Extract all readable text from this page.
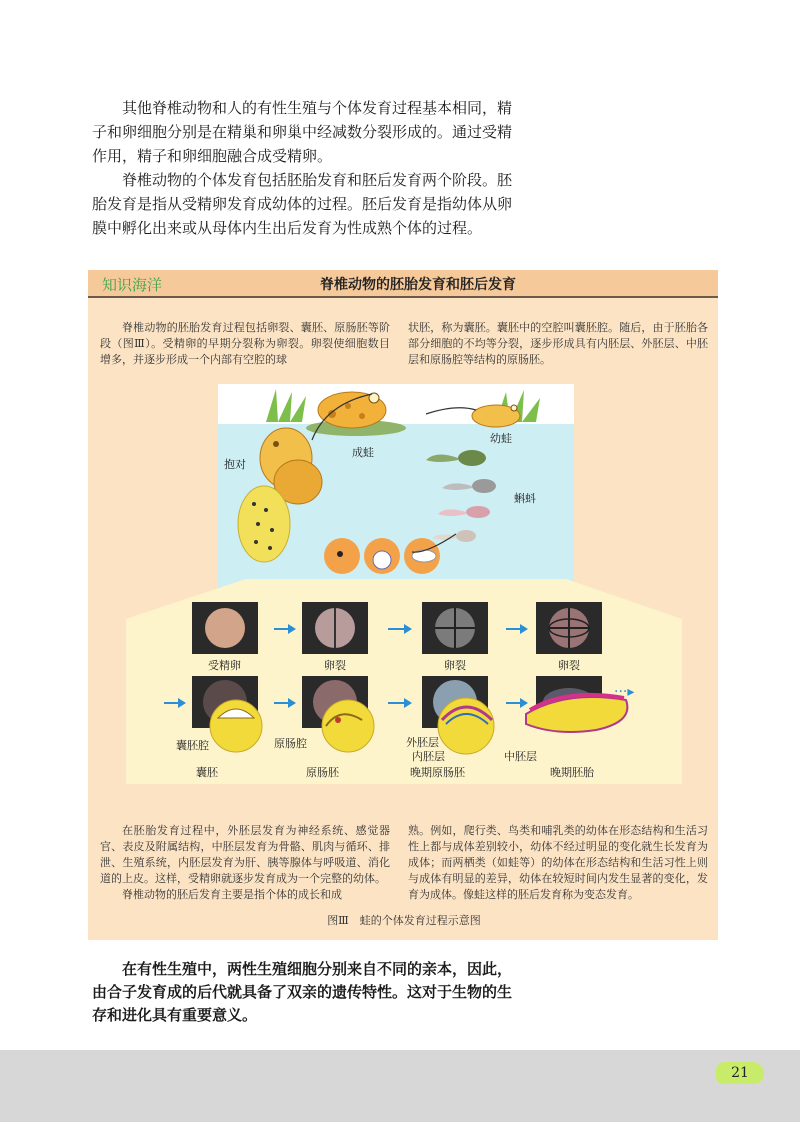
其他脊椎动物和人的有性生殖与个体发育过程基本相同，精子和卵细胞分别是在精巢和卵巢中经减数分裂形成的。通过受精作用，精子和卵细胞融合成受精卵。

脊椎动物的个体发育包括胚胎发育和胚后发育两个阶段。胚胎发育是指从受精卵发育成幼体的过程。胚后发育是指幼体从卵膜中孵化出来或从母体内生出后发育为性成熟个体的过程。

知识海洋	脊椎动物的胚胎发育和胚后发育
脊椎动物的胚胎发育过程包括卵裂、囊胚、原肠胚等阶段（图Ⅲ）。受精卵的早期分裂称为卵裂。卵裂使细胞数目增多，并逐步形成一个内部有空腔的球
状胚，称为囊胚。囊胚中的空腔叫囊胚腔。随后，由于胚胎各部分细胞的不均等分裂，逐步形成具有内胚层、外胚层、中胚层和原肠腔等结构的原肠胚。
成蛙
幼蛙
抱对
蝌蚪
受精卵	卵裂	卵裂	卵裂
···▸
囊胚腔	原肠腔	外胚层
内胚层	中胚层
囊胚	原肠胚	晚期原肠胚	晚期胚胎
图Ⅲ　蛙的个体发育过程示意图

在胚胎发育过程中，外胚层发育为神经系统、感觉器官、表皮及附属结构，中胚层发育为骨骼、肌肉与循环、排泄、生殖系统，内胚层发育为肝、胰等腺体与呼吸道、消化道的上皮。这样，受精卵就逐步发育成为一个完整的幼体。

脊椎动物的胚后发育主要是指个体的成长和成

熟。例如，爬行类、鸟类和哺乳类的幼体在形态结构和生活习性上都与成体差别较小，幼体不经过明显的变化就生长发育为成体；而两栖类（如蛙等）的幼体在形态结构和生活习性上则与成体有明显的差异，幼体在较短时间内发生显著的变化，发育为成体。像蛙这样的胚后发育称为变态发育。
在有性生殖中，两性生殖细胞分别来自不同的亲本，因此，由合子发育成的后代就具备了双亲的遗传特性。这对于生物的生存和进化具有重要意义。
21
